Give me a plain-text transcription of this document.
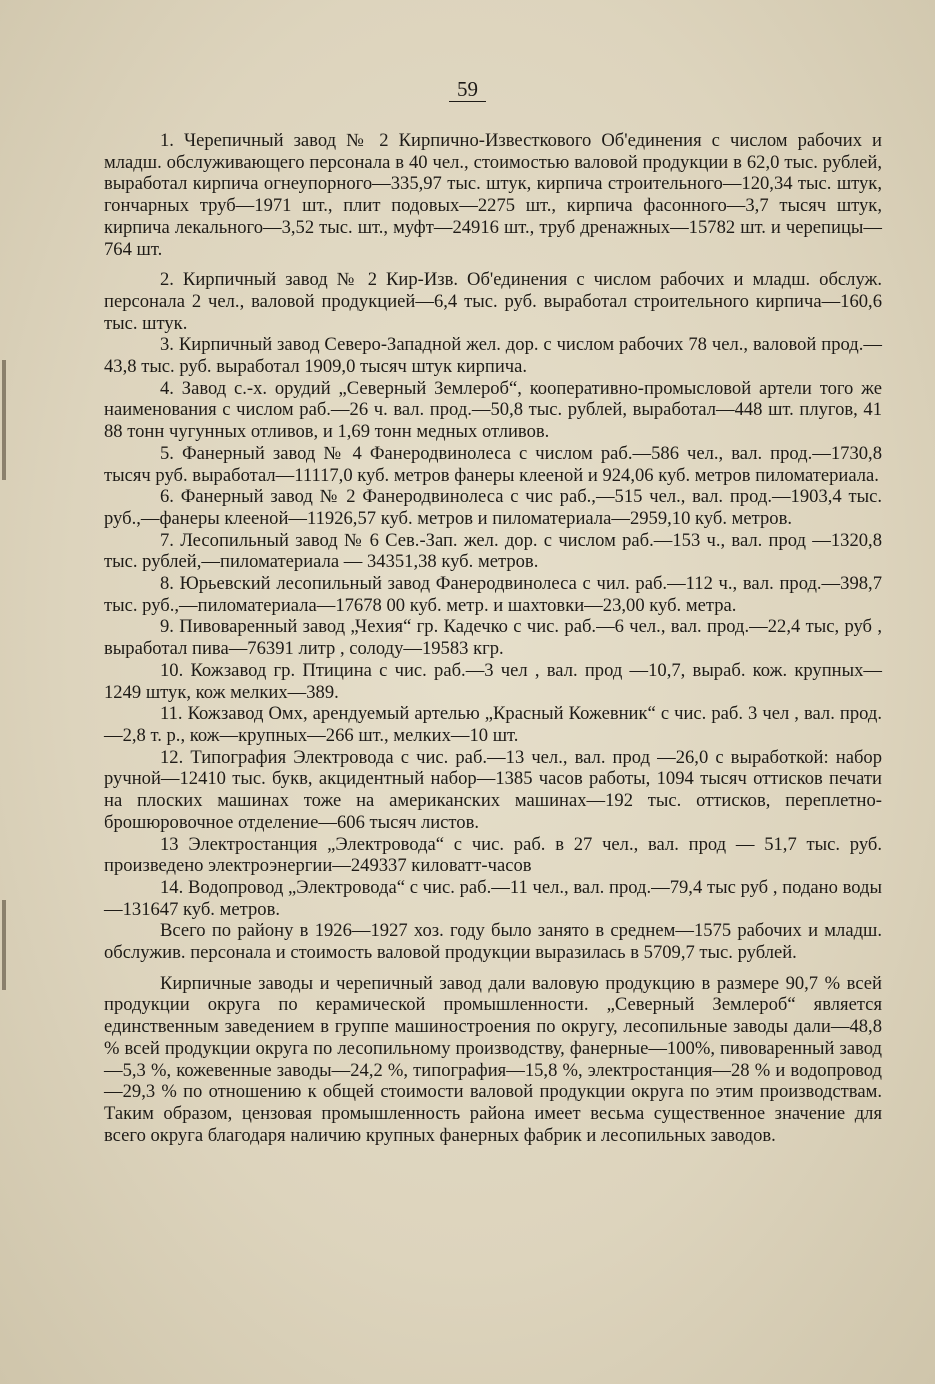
59

1. Черепичный завод № 2 Кирпично-Известкового Об'единения с числом рабочих и младш. обслуживающего персонала в 40 чел., стоимостью валовой продукции в 62,0 тыс. рублей, выработал кирпича огнеупорного—335,97 тыс. штук, кирпича строительного—120,34 тыс. штук, гончарных труб—1971 шт., плит подовых—2275 шт., кирпича фасонного—3,7 тысяч штук, кирпича лекального—3,52 тыс. шт., муфт—24916 шт., труб дренажных—15782 шт. и черепицы—764 шт.

2. Кирпичный завод № 2 Кир-Изв. Об'единения с числом рабочих и младш. обслуж. персонала 2 чел., валовой продукцией—6,4 тыс. руб. выработал строительного кирпича—160,6 тыс. штук.

3. Кирпичный завод Северо-Западной жел. дор. с числом рабочих 78 чел., валовой прод.—43,8 тыс. руб. выработал 1909,0 тысяч штук кирпича.

4. Завод с.-х. орудий „Северный Землероб“, кооперативно-промысловой артели того же наименования с числом раб.—26 ч. вал. прод.—50,8 тыс. рублей, выработал—448 шт. плугов, 41 88 тонн чугунных отливов, и 1,69 тонн медных отливов.

5. Фанерный завод № 4 Фанеродвинолеса с числом раб.—586 чел., вал. прод.—1730,8 тысяч руб. выработал—11117,0 куб. метров фанеры клееной и 924,06 куб. метров пиломатериала.

6. Фанерный завод № 2 Фанеродвинолеса с чис раб.,—515 чел., вал. прод.—1903,4 тыс. руб.,—фанеры клееной—11926,57 куб. метров и пиломатериала—2959,10 куб. метров.

7. Лесопильный завод № 6 Сев.-Зап. жел. дор. с числом раб.—153 ч., вал. прод —1320,8 тыс. рублей,—пиломатериала — 34351,38 куб. метров.

8. Юрьевский лесопильный завод Фанеродвинолеса с чил. раб.—112 ч., вал. прод.—398,7 тыс. руб.,—пиломатериала—17678 00 куб. метр. и шахтовки—23,00 куб. метра.

9. Пивоваренный завод „Чехия“ гр. Кадечко с чис. раб.—6 чел., вал. прод.—22,4 тыс, руб , выработал пива—76391 литр , солоду—19583 кгр.

10. Кожзавод гр. Птицина с чис. раб.—3 чел , вал. прод —10,7, выраб. кож. крупных—1249 штук, кож мелких—389.

11. Кожзавод Омх, арендуемый артелью „Красный Кожевник“ с чис. раб. 3 чел , вал. прод.—2,8 т. р., кож—крупных—266 шт., мелких—10 шт.

12. Типография Электровода с чис. раб.—13 чел., вал. прод —26,0 с выработкой: набор ручной—12410 тыс. букв, акцидентный набор—1385 часов работы, 1094 тысяч оттисков печати на плоских машинах тоже на американских машинах—192 тыс. оттисков, переплетно-брошюровочное отделение—606 тысяч листов.

13 Электростанция „Электровода“ с чис. раб. в 27 чел., вал. прод — 51,7 тыс. руб. произведено электроэнергии—249337 киловатт-часов

14. Водопровод „Электровода“ с чис. раб.—11 чел., вал. прод.—79,4 тыс руб , подано воды—131647 куб. метров.

Всего по району в 1926—1927 хоз. году было занято в среднем—1575 рабочих и младш. обслужив. персонала и стоимость валовой продукции выразилась в 5709,7 тыс. рублей.

Кирпичные заводы и черепичный завод дали валовую продукцию в размере 90,7 % всей продукции округа по керамической промышленности. „Северный Землероб“ является единственным заведением в группе машиностроения по округу, лесопильные заводы дали—48,8 % всей продукции округа по лесопильному производству, фанерные—100%, пивоваренный завод—5,3 %, кожевенные заводы—24,2 %, типография—15,8 %, электростанция—28 % и водопровод—29,3 % по отношению к общей стоимости валовой продукции округа по этим производствам. Таким образом, цензовая промышленность района имеет весьма существенное значение для всего округа благодаря наличию крупных фанерных фабрик и лесопильных заводов.
